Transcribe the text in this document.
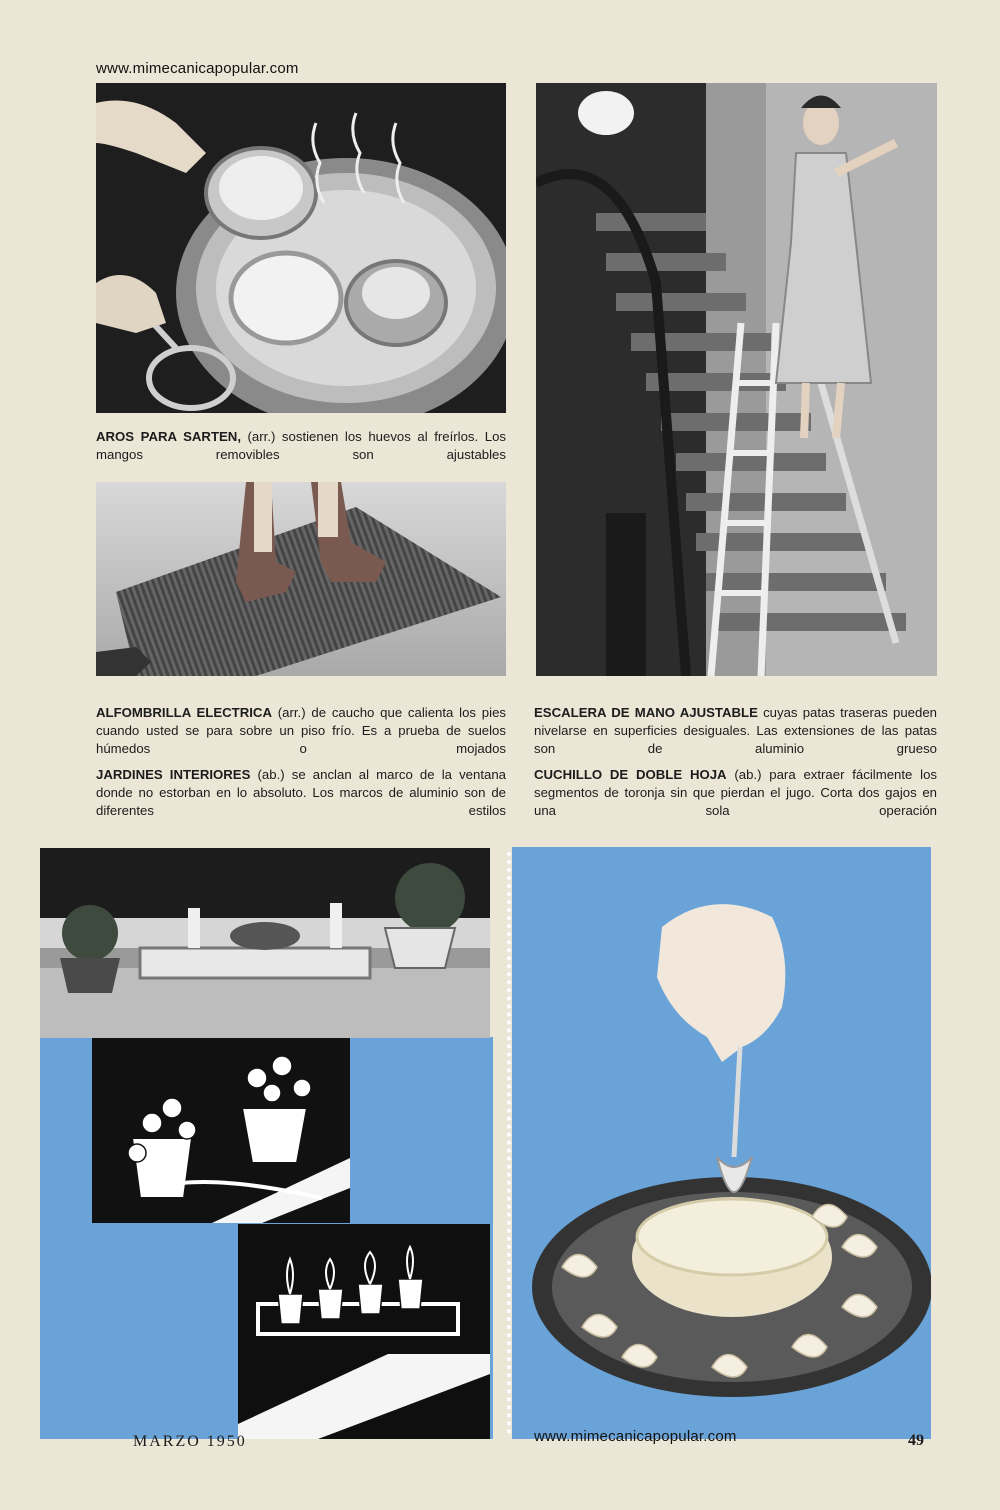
www.mimecanicapopular.com
AROS PARA SARTEN, (arr.) sostienen los huevos al freírlos. Los mangos removibles son ajustables
ALFOMBRILLA ELECTRICA (arr.) de caucho que calienta los pies cuando usted se para sobre un piso frío. Es a prueba de suelos húmedos o mojados
ESCALERA DE MANO AJUSTABLE cuyas patas traseras pueden nivelarse en superficies desiguales. Las extensiones de las patas son de aluminio grueso
JARDINES INTERIORES (ab.) se anclan al marco de la ventana donde no estorban en lo absoluto. Los marcos de aluminio son de diferentes estilos
CUCHILLO DE DOBLE HOJA (ab.) para extraer fácilmente los segmentos de toronja sin que pierdan el jugo. Corta dos gajos en una sola operación
MARZO 1950	www.mimecanicapopular.com	49
